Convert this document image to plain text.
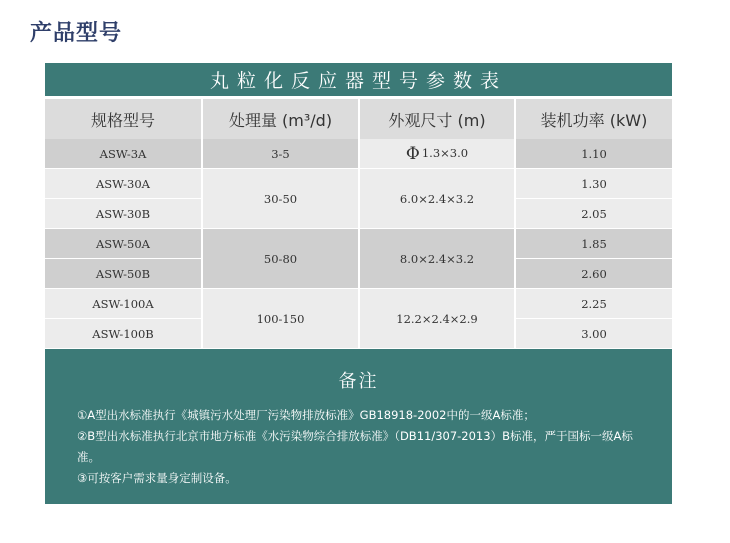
产品型号
丸粒化反应器型号参数表
规格型号	处理量 (m³/d)	外观尺寸 (m)	装机功率 (kW)
ASW-3A	3-5	Φ 1.3×3.0	1.10
ASW-30A	30-50	6.0×2.4×3.2	1.30
ASW-30B			2.05
ASW-50A	50-80	8.0×2.4×3.2	1.85
ASW-50B			2.60
ASW-100A	100-150	12.2×2.4×2.9	2.25
ASW-100B			3.00
备注
①A型出水标准执行《城镇污水处理厂污染物排放标准》GB18918-2002中的一级A标准；
②B型出水标准执行北京市地方标准《水污染物综合排放标准》（DB11/307-2013）B标准，严于国标一级A标准。
③可按客户需求量身定制设备。
